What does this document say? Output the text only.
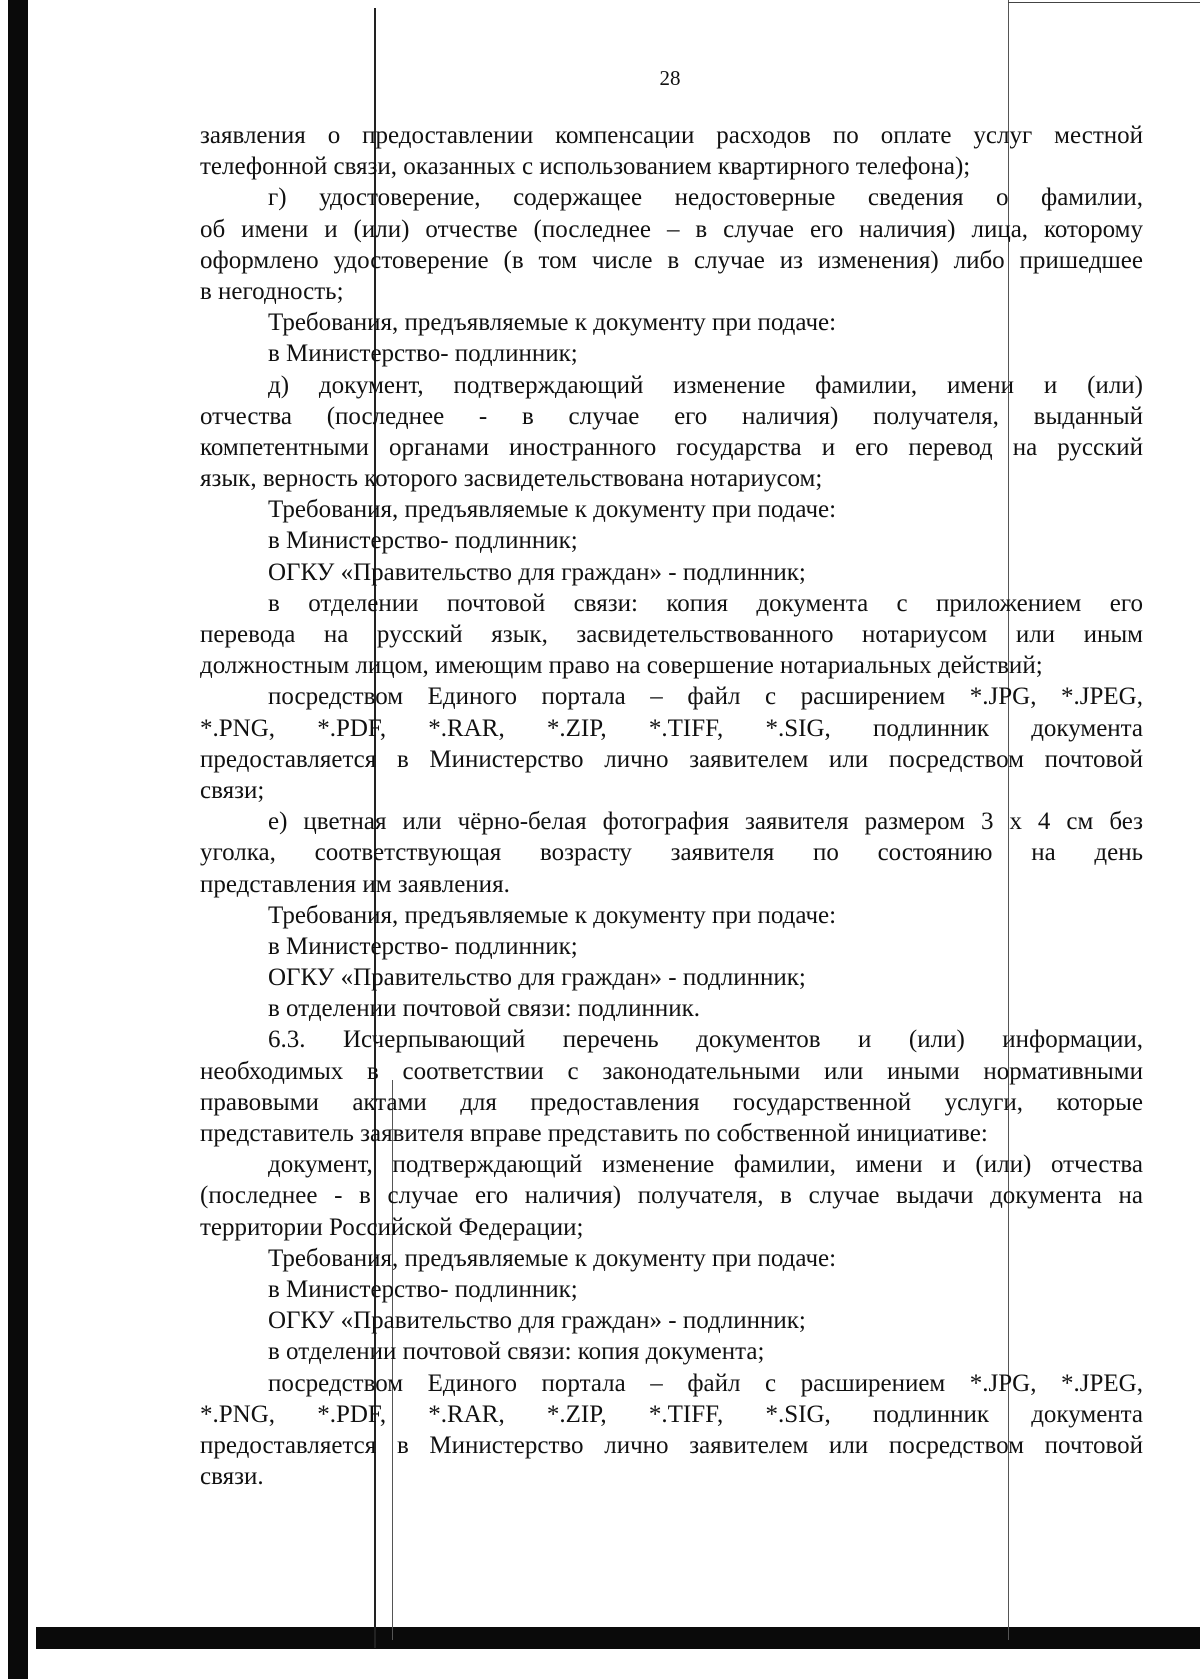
28
заявления о предоставлении компенсации расходов по оплате услуг местной
телефонной связи, оказанных с использованием квартирного телефона);
г) удостоверение, содержащее недостоверные сведения о фамилии,
об имени и (или) отчестве (последнее – в случае его наличия) лица, которому
оформлено удостоверение (в том числе в случае из изменения) либо пришедшее
в негодность;
Требования, предъявляемые к документу при подаче:
в Министерство- подлинник;
д) документ, подтверждающий изменение фамилии, имени и (или)
отчества (последнее - в случае его наличия) получателя, выданный
компетентными органами иностранного государства и его перевод на русский
язык, верность которого засвидетельствована нотариусом;
Требования, предъявляемые к документу при подаче:
в Министерство- подлинник;
ОГКУ «Правительство для граждан» - подлинник;
в отделении почтовой связи: копия документа с приложением его
перевода на русский язык, засвидетельствованного нотариусом или иным
должностным лицом, имеющим право на совершение нотариальных действий;
посредством Единого портала – файл с расширением *.JPG, *.JPEG,
*.PNG, *.PDF, *.RAR, *.ZIP, *.TIFF, *.SIG, подлинник документа
предоставляется в Министерство лично заявителем или посредством почтовой
связи;
е) цветная или чёрно-белая фотография заявителя размером 3 х 4 см без
уголка, соответствующая возрасту заявителя по состоянию на день
представления им заявления.
Требования, предъявляемые к документу при подаче:
в Министерство- подлинник;
ОГКУ «Правительство для граждан» - подлинник;
в отделении почтовой связи: подлинник.
6.3. Исчерпывающий перечень документов и (или) информации,
необходимых в соответствии с законодательными или иными нормативными
правовыми актами для предоставления государственной услуги, которые
представитель заявителя вправе представить по собственной инициативе:
документ, подтверждающий изменение фамилии, имени и (или) отчества
(последнее - в случае его наличия) получателя, в случае выдачи документа на
территории Российской Федерации;
Требования, предъявляемые к документу при подаче:
в Министерство- подлинник;
ОГКУ «Правительство для граждан» - подлинник;
в отделении почтовой связи: копия документа;
посредством Единого портала – файл с расширением *.JPG, *.JPEG,
*.PNG, *.PDF, *.RAR, *.ZIP, *.TIFF, *.SIG, подлинник документа
предоставляется в Министерство лично заявителем или посредством почтовой
связи.
